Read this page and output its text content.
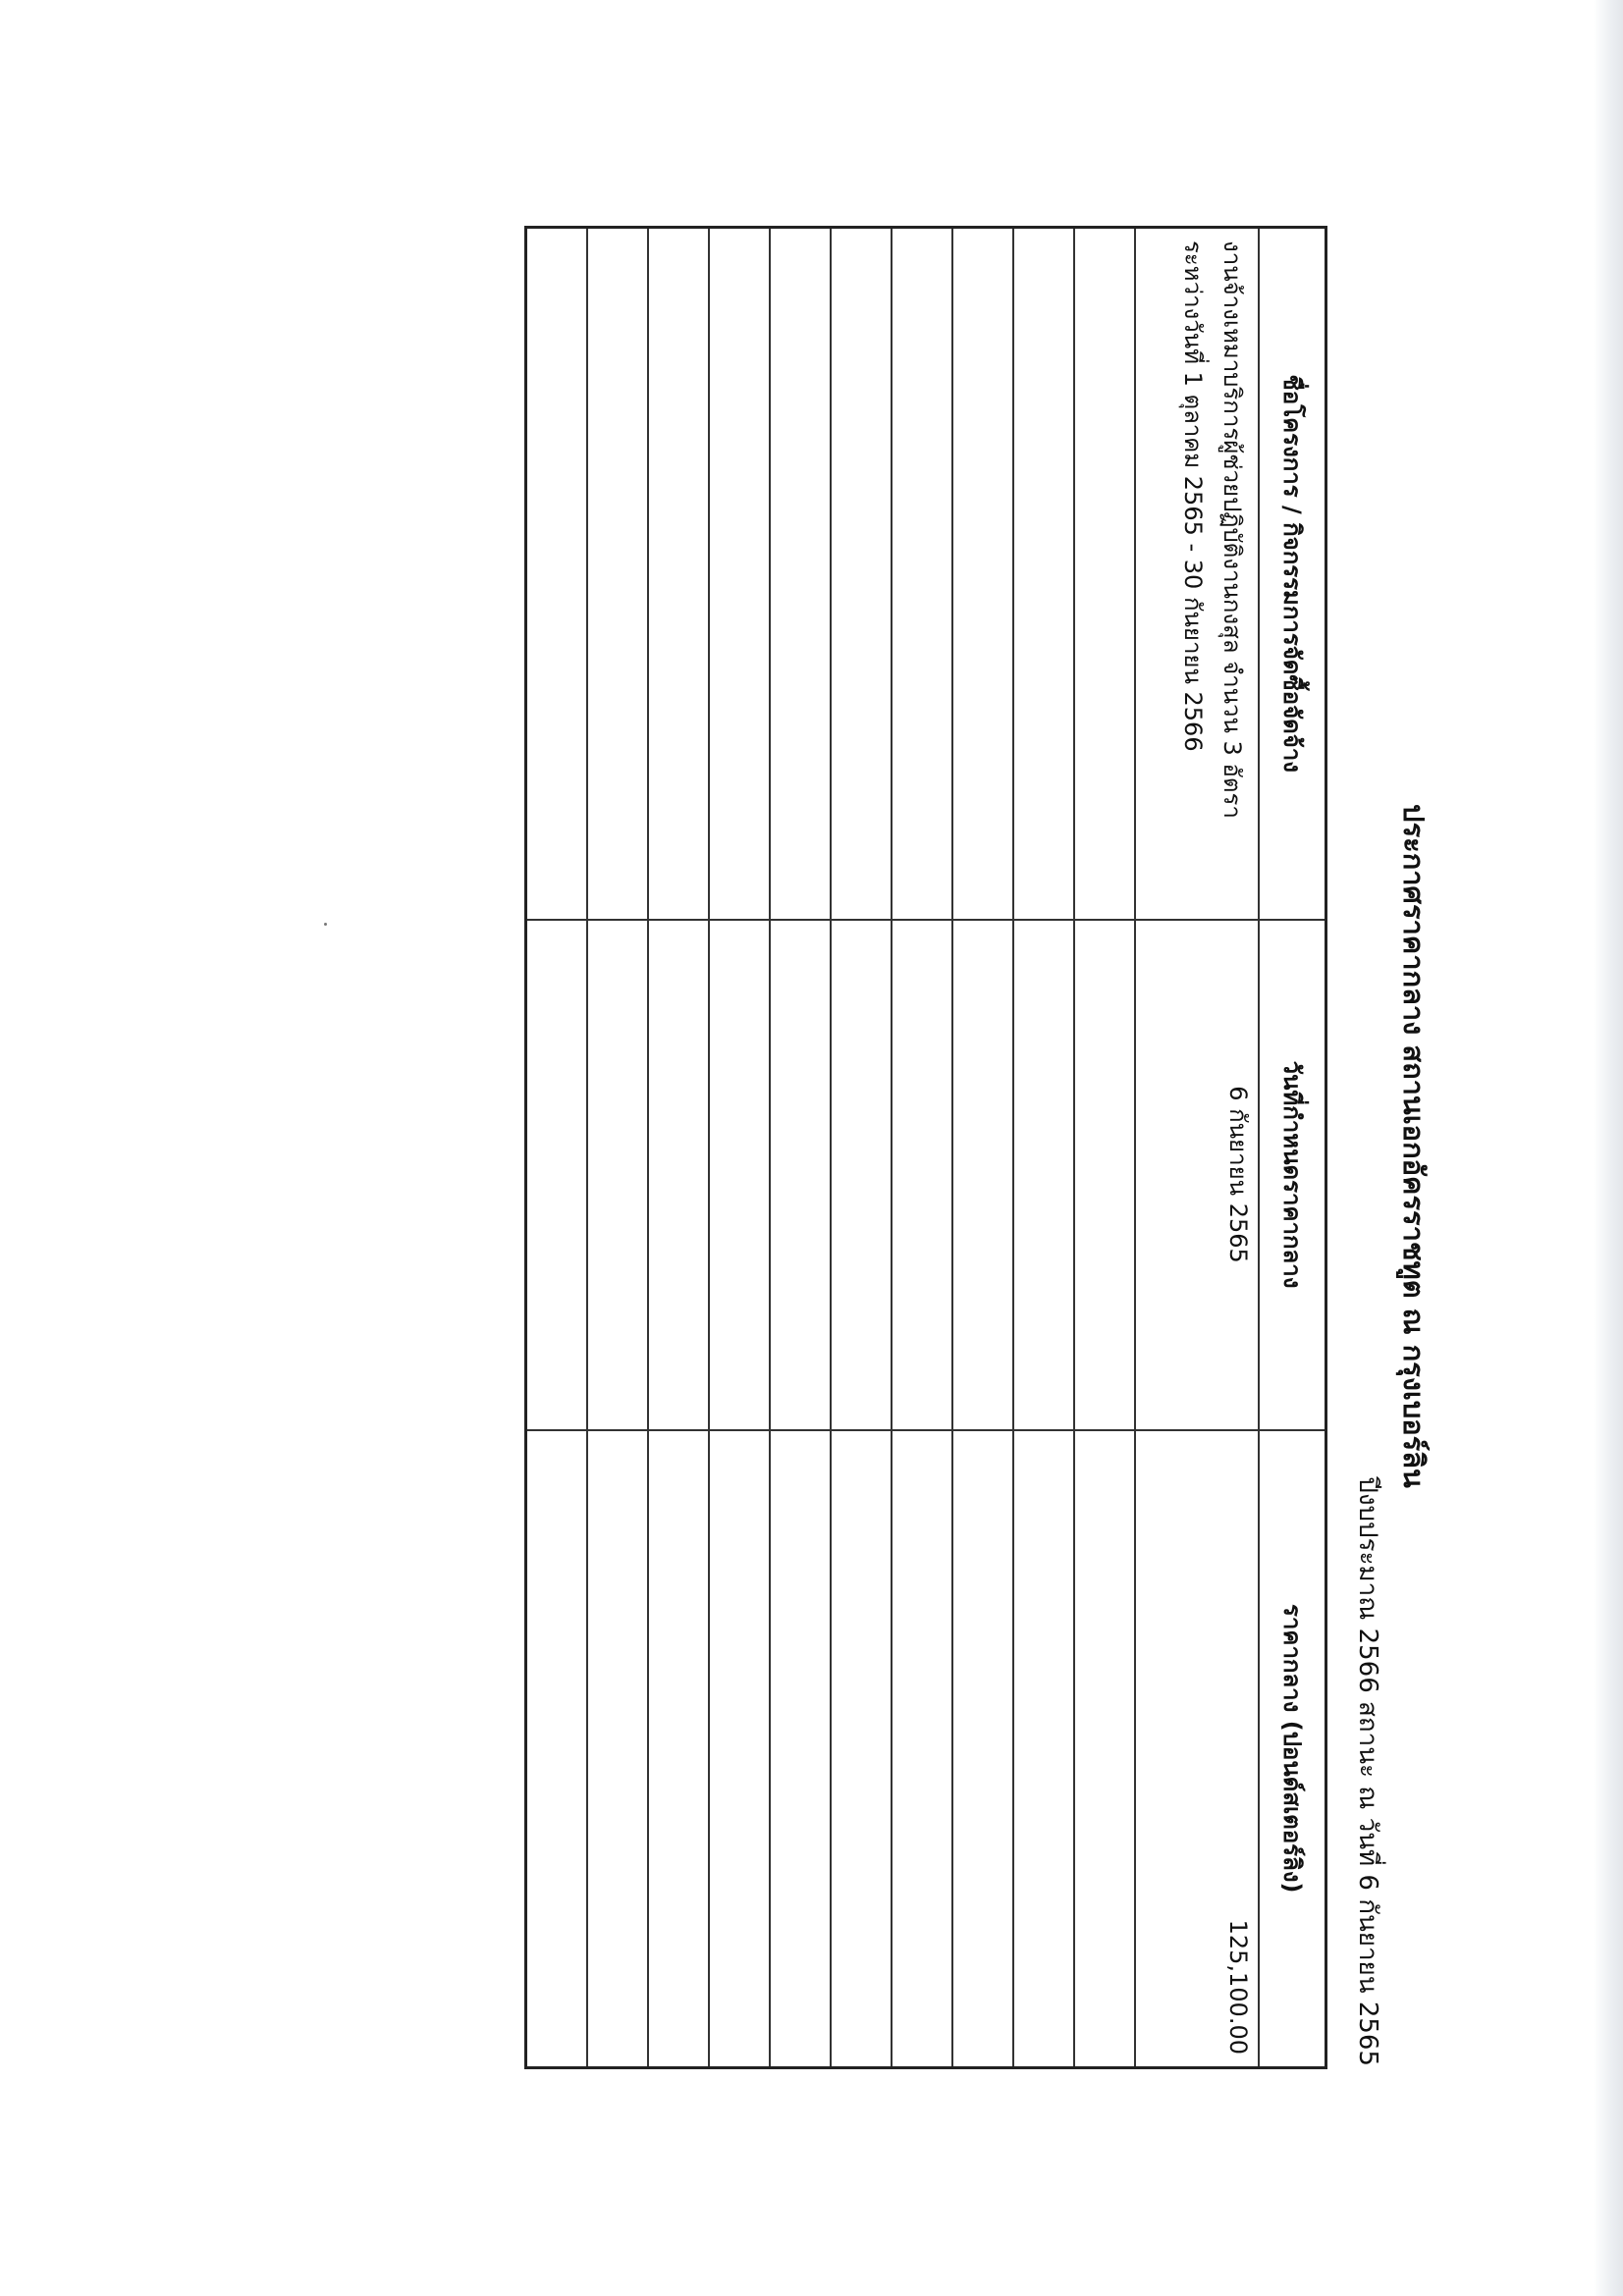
ประกาศราคากลาง สถานเอกอัครราชทูต ณ กรุงเบอร์ลิน
ปีงบประมาณ 2566 สถานะ ณ วันที่ 6 กันยายน 2565
ชื่อโครงการ / กิจกรรมการจัดซื้อจัดจ้าง	วันที่กำหนดราคากลาง	ราคากลาง (ปอนด์สเตอร์ลิง)

งานจ้างเหมาบริการผู้ช่วยปฏิบัติงานกงสุล จำนวน 3 อัตรา
ระหว่างวันที่ 1 ตุลาคม 2565 - 30 กันยายน 2566	6 กันยายน 2565	125,100.00
